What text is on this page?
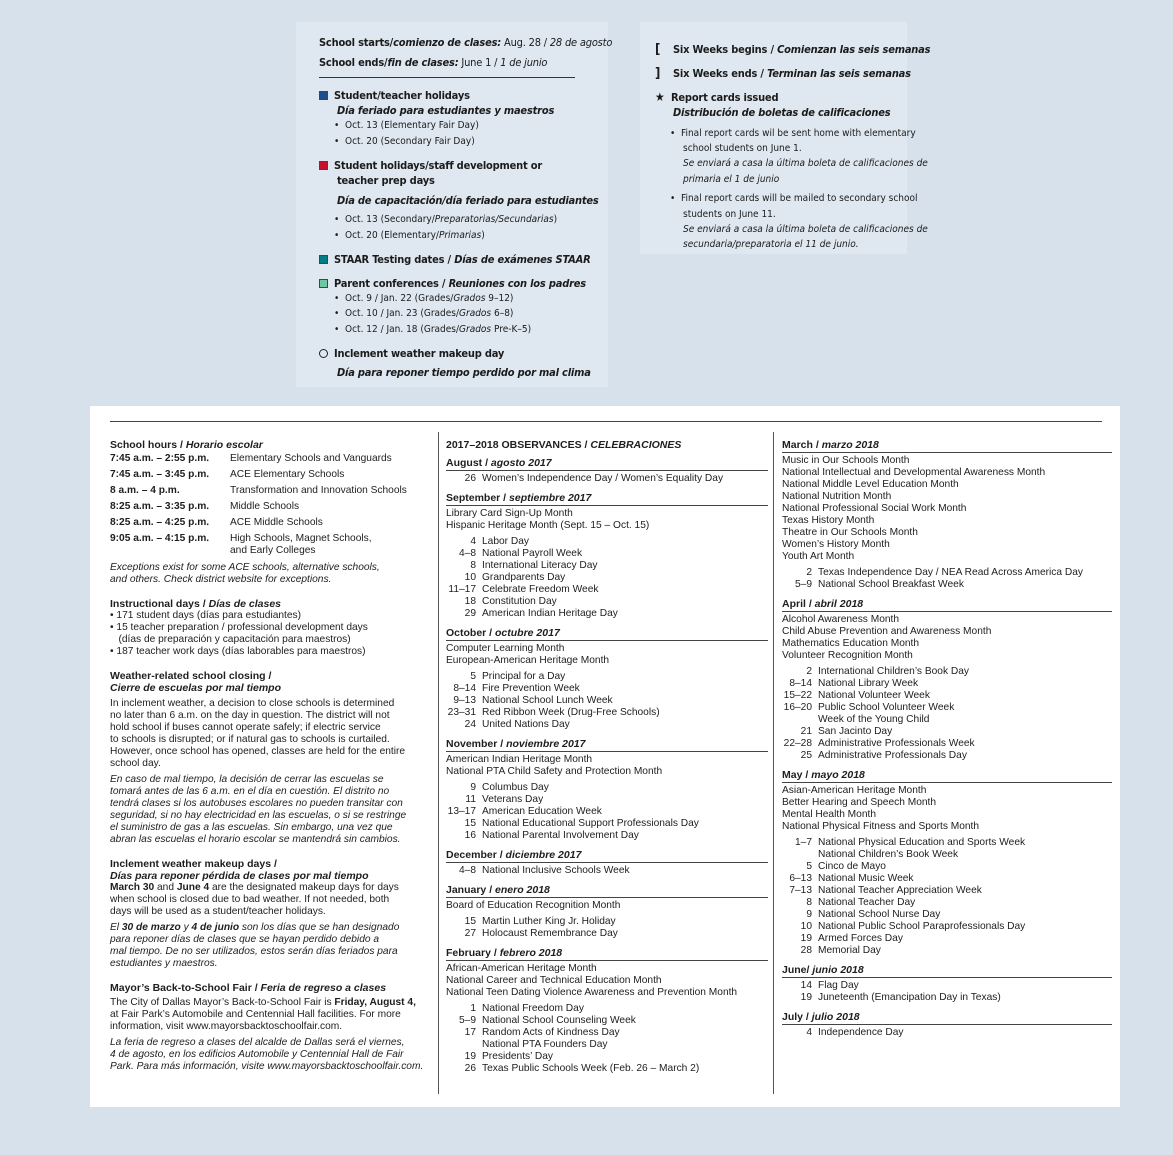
School starts/comienzo de clases: Aug. 28 / 28 de agosto
School ends/fin de clases: June 1 / 1 de junio
Student/teacher holidays
Día feriado para estudiantes y maestros
•  Oct. 13 (Elementary Fair Day)
•  Oct. 20 (Secondary Fair Day)
Student holidays/staff development or
teacher prep days
Día de capacitación/día feriado para estudiantes
•  Oct. 13 (Secondary/Preparatorias/Secundarias)
•  Oct. 20 (Elementary/Primarias)
STAAR Testing dates / Días de exámenes STAAR
Parent conferences / Reuniones con los padres
•  Oct. 9 / Jan. 22 (Grades/Grados 9–12)
•  Oct. 10 / Jan. 23 (Grades/Grados 6–8)
•  Oct. 12 / Jan. 18 (Grades/Grados Pre-K–5)
Inclement weather makeup day
Día para reponer tiempo perdido por mal clima
[ Six Weeks begins / Comienzan las seis semanas
] Six Weeks ends / Terminan las seis semanas
★ Report cards issued
Distribución de boletas de calificaciones
•  Final report cards wil be sent home with elementary
school students on June 1.
Se enviará a casa la última boleta de calificaciones de
primaria el 1 de junio
•  Final report cards will be mailed to secondary school
students on June 11.
Se enviará a casa la última boleta de calificaciones de
secundaria/preparatoria el 11 de junio.

School hours / Horario escolar

7:45 a.m. – 2:55 p.m.	Elementary Schools and Vanguards
7:45 a.m. – 3:45 p.m.	ACE Elementary Schools
8 a.m. – 4 p.m.	Transformation and Innovation Schools
8:25 a.m. – 3:35 p.m.	Middle Schools
8:25 a.m. – 4:25 p.m.	ACE Middle Schools
9:05 a.m. – 4:15 p.m.	High Schools, Magnet Schools,
and Early Colleges

Exceptions exist for some ACE schools, alternative schools,
and others. Check district website for exceptions.

Instructional days / Días de clases

• 171 student days (días para estudiantes)
• 15 teacher preparation / professional development days
(días de preparación y capacitación para maestros)
• 187 teacher work days (días laborables para maestros)

Weather-related school closing /

Cierre de escuelas por mal tiempo

In inclement weather, a decision to close schools is determined
no later than 6 a.m. on the day in question. The district will not
hold school if buses cannot operate safely; if electric service
to schools is disrupted; or if natural gas to schools is curtailed.
However, once school has opened, classes are held for the entire
school day.
En caso de mal tiempo, la decisión de cerrar las escuelas se
tomará antes de las 6 a.m. en el día en cuestión. El distrito no
tendrá clases si los autobuses escolares no pueden transitar con
seguridad, si no hay electricidad en las escuelas, o si se restringe
el suministro de gas a las escuelas. Sin embargo, una vez que
abran las escuelas el horario escolar se mantendrá sin cambios.

Inclement weather makeup days /

Días para reponer pérdida de clases por mal tiempo

March 30 and June 4 are the designated makeup days for days
when school is closed due to bad weather. If not needed, both
days will be used as a student/teacher holidays.

El 30 de marzo y 4 de junio son los días que se han designado
para reponer días de clases que se hayan perdido debido a
mal tiempo. De no ser utilizados, estos serán días feriados para
estudiantes y maestros.

Mayor’s Back-to-School Fair / Feria de regreso a clases

The City of Dallas Mayor’s Back-to-School Fair is Friday, August 4,
at Fair Park’s Automobile and Centennial Hall facilities. For more
information, visit www.mayorsbacktoschoolfair.com.

La feria de regreso a clases del alcalde de Dallas será el viernes,
4 de agosto, en los edificios Automobile y Centennial Hall de Fair
Park. Para más información, visite www.mayorsbacktoschoolfair.com.

2017–2018 OBSERVANCES / CELEBRACIONES

August / agosto 2017
26 Women’s Independence Day / Women’s Equality Day
September / septiembre 2017
Library Card Sign-Up Month
Hispanic Heritage Month (Sept. 15 – Oct. 15)
4 Labor Day
4–8 National Payroll Week
8 International Literacy Day
10 Grandparents Day
11–17 Celebrate Freedom Week
18 Constitution Day
29 American Indian Heritage Day
October / octubre 2017
Computer Learning Month
European-American Heritage Month
5 Principal for a Day
8–14 Fire Prevention Week
9–13 National School Lunch Week
23–31 Red Ribbon Week (Drug-Free Schools)
24 United Nations Day
November / noviembre 2017
American Indian Heritage Month
National PTA Child Safety and Protection Month
9 Columbus Day
11 Veterans Day
13–17 American Education Week
15 National Educational Support Professionals Day
16 National Parental Involvement Day
December / diciembre 2017
4–8 National Inclusive Schools Week
January / enero 2018
Board of Education Recognition Month
15 Martin Luther King Jr. Holiday
27 Holocaust Remembrance Day
February / febrero 2018
African-American Heritage Month
National Career and Technical Education Month
National Teen Dating Violence Awareness and Prevention Month
1 National Freedom Day
5–9 National School Counseling Week
17 Random Acts of Kindness Day
National PTA Founders Day
19 Presidents’ Day
26 Texas Public Schools Week (Feb. 26 – March 2)
March / marzo 2018
Music in Our Schools Month
National Intellectual and Developmental Awareness Month
National Middle Level Education Month
National Nutrition Month
National Professional Social Work Month
Texas History Month
Theatre in Our Schools Month
Women’s History Month
Youth Art Month
2 Texas Independence Day / NEA Read Across America Day
5–9 National School Breakfast Week
April / abril 2018
Alcohol Awareness Month
Child Abuse Prevention and Awareness Month
Mathematics Education Month
Volunteer Recognition Month
2 International Children’s Book Day
8–14 National Library Week
15–22 National Volunteer Week
16–20 Public School Volunteer Week
Week of the Young Child
21 San Jacinto Day
22–28 Administrative Professionals Week
25 Administrative Professionals Day
May / mayo 2018
Asian-American Heritage Month
Better Hearing and Speech Month
Mental Health Month
National Physical Fitness and Sports Month
1–7 National Physical Education and Sports Week
National Children’s Book Week
5 Cinco de Mayo
6–13 National Music Week
7–13 National Teacher Appreciation Week
8 National Teacher Day
9 National School Nurse Day
10 National Public School Paraprofessionals Day
19 Armed Forces Day
28 Memorial Day
June/ junio 2018
14 Flag Day
19 Juneteenth (Emancipation Day in Texas)
July / julio 2018
4 Independence Day
